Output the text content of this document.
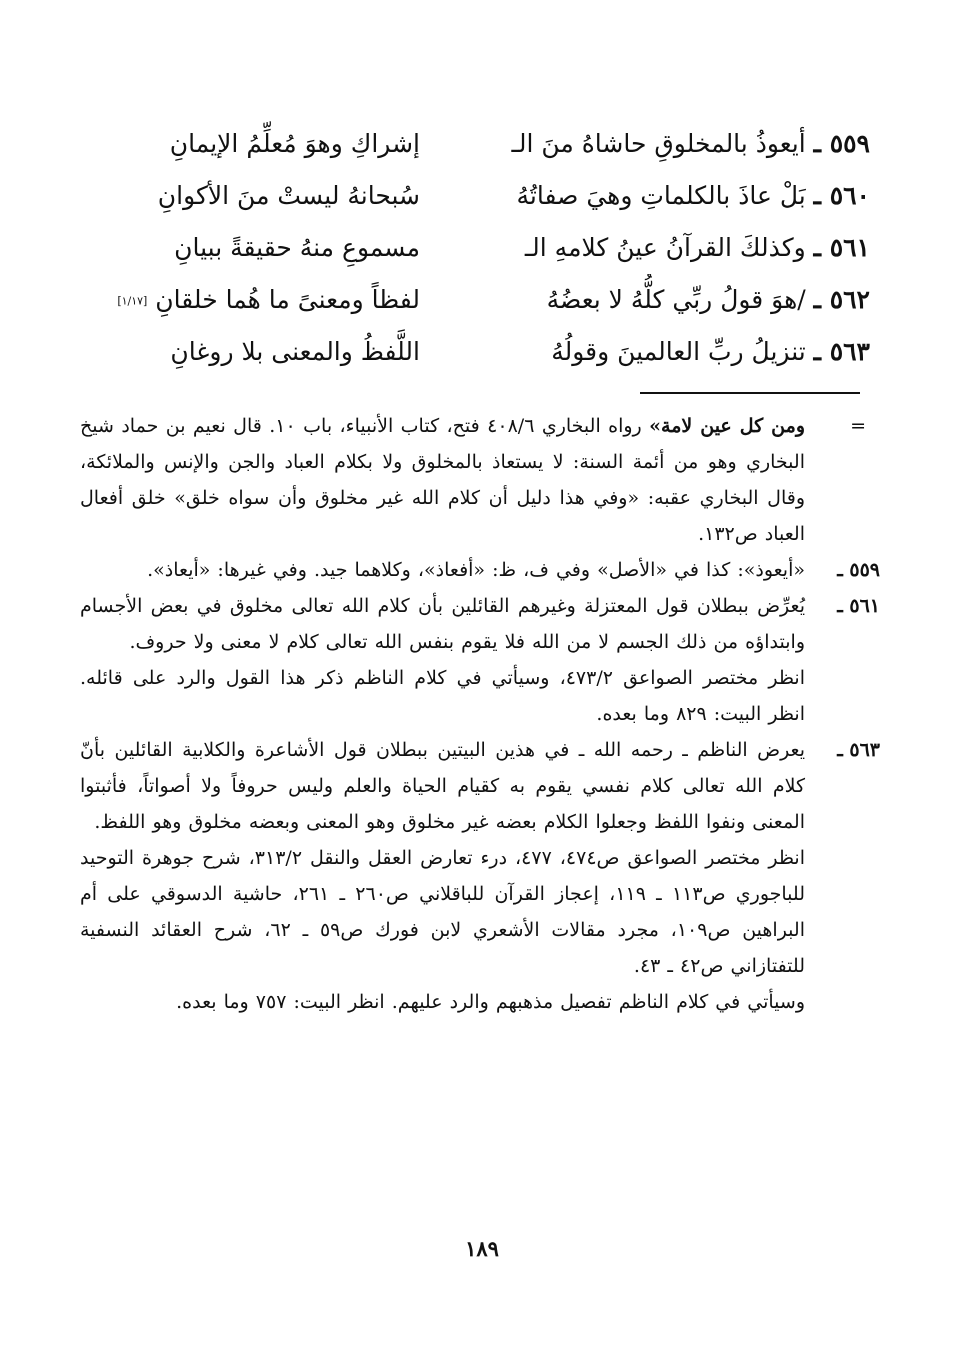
٥٥٩ ـ أيعوذُ بالمخلوقِ حاشاهُ منَ الـ
إشراكِ وهوَ مُعلِّمُ الإيمانِ
٥٦٠ ـ بَلْ عاذَ بالكلماتِ وهيَ صفاتُهُ
سُبحانهُ ليستْ منَ الأكوانِ
٥٦١ ـ وكذلكَ القرآنُ عينُ كلامهِ الـ
مسموعِ منهُ حقيقةً ببيانِ
٥٦٢ ـ /هوَ قولُ ربِّي كلُّهُ لا بعضُهُ
لفظاً ومعنىً ما هُما خلقانِ [١/١٧]
٥٦٣ ـ تنزيلُ ربِّ العالمينَ وقولُهُ
اللَّفظُ والمعنى بلا روغانِ
=

ومن كل عين لامة» رواه البخاري ٤٠٨/٦ فتح، كتاب الأنبياء، باب ١٠. قال نعيم بن حماد شيخ البخاري وهو من أئمة السنة: لا يستعاذ بالمخلوق ولا بكلام العباد والجن والإنس والملائكة، وقال البخاري عقبه: «وفي هذا دليل أن كلام الله غير مخلوق وأن سواه خلق» خلق أفعال العباد ص١٣٢.

٥٥٩ ـ

«أيعوذ»: كذا في «الأصل» وفي ف، ظ: «أفعاذ»، وكلاهما جيد. وفي غيرها: «أيعاذ».

٥٦١ ـ

يُعرِّض ببطلان قول المعتزلة وغيرهم القائلين بأن كلام الله تعالى مخلوق في بعض الأجسام وابتداؤه من ذلك الجسم لا من الله فلا يقوم بنفس الله تعالى كلام لا معنى ولا حروف.

انظر مختصر الصواعق ٤٧٣/٢، وسيأتي في كلام الناظم ذكر هذا القول والرد على قائله. انظر البيت: ٨٢٩ وما بعده.

٥٦٣ ـ

يعرض الناظم ـ رحمه الله ـ في هذين البيتين ببطلان قول الأشاعرة والكلابية القائلين بأنّ كلام الله تعالى كلام نفسي يقوم به كقيام الحياة والعلم وليس حروفاً ولا أصواتاً، فأثبتوا المعنى ونفوا اللفظ وجعلوا الكلام بعضه غير مخلوق وهو المعنى وبعضه مخلوق وهو اللفظ.

انظر مختصر الصواعق ص٤٧٤، ٤٧٧، درء تعارض العقل والنقل ٣١٣/٢، شرح جوهرة التوحيد للباجوري ص١١٣ ـ ١١٩، إعجاز القرآن للباقلاني ص٢٦٠ ـ ٢٦١، حاشية الدسوقي على أم البراهين ص١٠٩، مجرد مقالات الأشعري لابن فورك ص٥٩ ـ ٦٢، شرح العقائد النسفية للتفتازاني ص٤٢ ـ ٤٣.

وسيأتي في كلام الناظم تفصيل مذهبهم والرد عليهم. انظر البيت: ٧٥٧ وما بعده.

١٨٩
